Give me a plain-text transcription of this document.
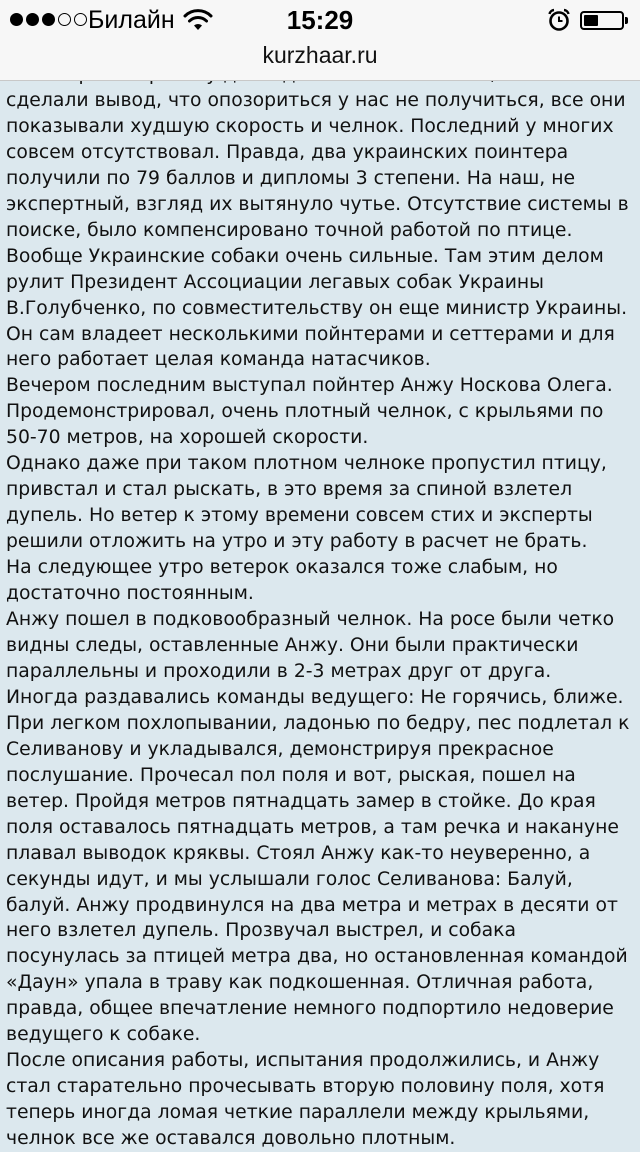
Билайн	15:29
kurzhaar.ru

сделали вывод, что опозориться у нас не получиться, все они показывали худшую скорость и челнок. Последний у многих совсем отсутствовал. Правда, два украинских поинтера получили по 79 баллов и дипломы 3 степени. На наш, не экспертный, взгляд их вытянуло чутье. Отсутствие системы в поиске, было компенсировано точной работой по птице.

Вообще Украинские собаки очень сильные. Там этим делом рулит Президент Ассоциации легавых собак Украины В.Голубченко, по совместительству он еще министр Украины. Он сам владеет несколькими пойнтерами и сеттерами и для него работает целая команда натасчиков.

Вечером последним выступал пойнтер Анжу Носкова Олега. Продемонстрировал, очень плотный челнок, с крыльями по 50-70 метров, на хорошей скорости.

Однако даже при таком плотном челноке пропустил птицу, привстал и стал рыскать, в это время за спиной взлетел дупель. Но ветер к этому времени совсем стих и эксперты решили отложить на утро и эту работу в расчет не брать.

На следующее утро ветерок оказался тоже слабым, но достаточно постоянным.

Анжу пошел в подковообразный челнок. На росе были четко видны следы, оставленные Анжу. Они были практически параллельны и проходили в 2-3 метрах друг от друга.

Иногда раздавались команды ведущего: Не горячись, ближе. При легком похлопывании, ладонью по бедру, пес подлетал к Селиванову и укладывался, демонстрируя прекрасное послушание. Прочесал пол поля и вот, рыская, пошел на ветер. Пройдя метров пятнадцать замер в стойке. До края поля оставалось пятнадцать метров, а там речка и накануне плавал выводок кряквы. Стоял Анжу как-то неуверенно, а секунды идут, и мы услышали голос Селиванова: Балуй, балуй. Анжу продвинулся на два метра и метрах в десяти от него взлетел дупель. Прозвучал выстрел, и собака посунулась за птицей метра два, но остановленная командой «Даун» упала в траву как подкошенная. Отличная работа, правда, общее впечатление немного подпортило недоверие ведущего к собаке.

После описания работы, испытания продолжились, и Анжу стал старательно прочесывать вторую половину поля, хотя теперь иногда ломая четкие параллели между крыльями, челнок все же оставался довольно плотным.
